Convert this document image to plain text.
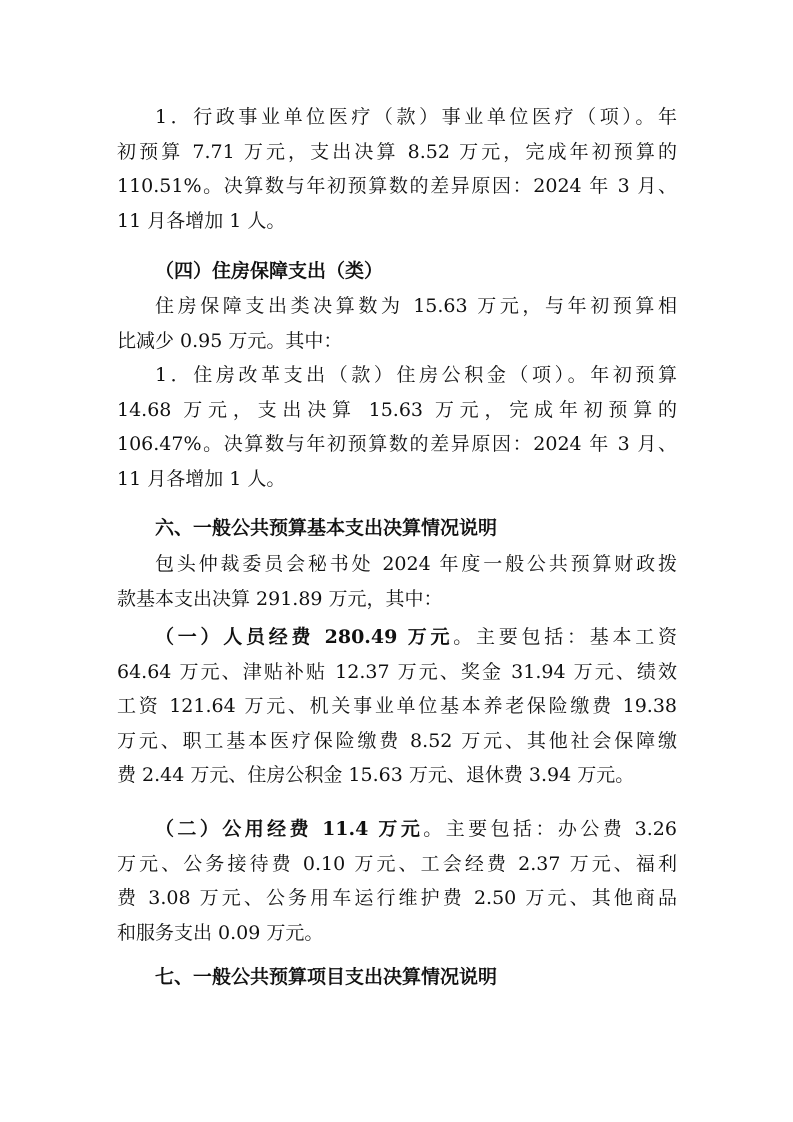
1．行政事业单位医疗（款）事业单位医疗（项）。年
初预算 7.71 万元，支出决算 8.52 万元，完成年初预算的
110.51%。决算数与年初预算数的差异原因：2024 年 3 月、
11 月各增加 1 人。
（四）住房保障支出（类）
住房保障支出类决算数为 15.63 万元，与年初预算相
比减少 0.95 万元。其中：
1．住房改革支出（款）住房公积金（项）。年初预算
14.68 万元，支出决算 15.63 万元，完成年初预算的
106.47%。决算数与年初预算数的差异原因：2024 年 3 月、
11 月各增加 1 人。
六、一般公共预算基本支出决算情况说明
包头仲裁委员会秘书处 2024 年度一般公共预算财政拨
款基本支出决算 291.89 万元，其中：
（一）人员经费 280.49 万元。主要包括：基本工资
64.64 万元、津贴补贴 12.37 万元、奖金 31.94 万元、绩效
工资 121.64 万元、机关事业单位基本养老保险缴费 19.38
万元、职工基本医疗保险缴费 8.52 万元、其他社会保障缴
费 2.44 万元、住房公积金 15.63 万元、退休费 3.94 万元。
（二）公用经费 11.4 万元。主要包括：办公费 3.26
万元、公务接待费 0.10 万元、工会经费 2.37 万元、福利
费 3.08 万元、公务用车运行维护费 2.50 万元、其他商品
和服务支出 0.09 万元。
七、一般公共预算项目支出决算情况说明
